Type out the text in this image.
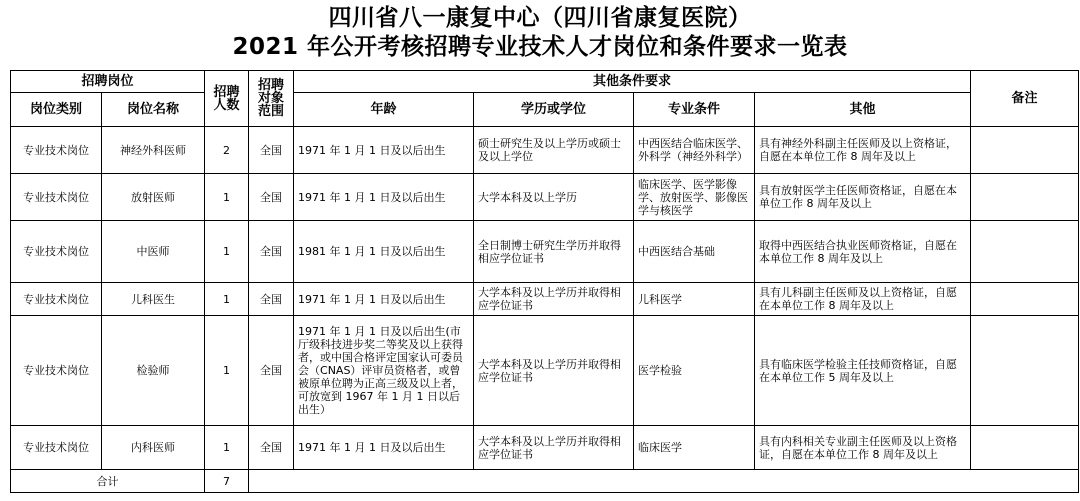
四川省八一康复中心（四川省康复医院）
2021 年公开考核招聘专业技术人才岗位和条件要求一览表
招聘岗位		招聘人数	招聘对象范围	其他条件要求				备注
岗位类别	岗位名称			年龄	学历或学位	专业条件	其他	
专业技术岗位	神经外科医师	2	全国	1971 年 1 月 1 日及以后出生	硕士研究生及以上学历或硕士及以上学位	中西医结合临床医学、外科学（神经外科学）	具有神经外科副主任医师及以上资格证，自愿在本单位工作 8 周年及以上	
专业技术岗位	放射医师	1	全国	1971 年 1 月 1 日及以后出生	大学本科及以上学历	临床医学、医学影像学、放射医学、影像医学与核医学	具有放射医学主任医师资格证，自愿在本单位工作 8 周年及以上	
专业技术岗位	中医师	1	全国	1981 年 1 月 1 日及以后出生	全日制博士研究生学历并取得相应学位证书	中西医结合基础	取得中西医结合执业医师资格证，自愿在本单位工作 8 周年及以上	
专业技术岗位	儿科医生	1	全国	1971 年 1 月 1 日及以后出生	大学本科及以上学历并取得相应学位证书	儿科医学	具有儿科副主任医师及以上资格证，自愿在本单位工作 8 周年及以上	
专业技术岗位	检验师	1	全国	1971 年 1 月 1 日及以后出生(市厅级科技进步奖二等奖及以上获得者，或中国合格评定国家认可委员会（CNAS）评审员资格者，或曾被原单位聘为正高三级及以上者，可放宽到 1967 年 1 月 1 日以后出生）	大学本科及以上学历并取得相应学位证书	医学检验	具有临床医学检验主任技师资格证，自愿在本单位工作 5 周年及以上	
专业技术岗位	内科医师	1	全国	1971 年 1 月 1 日及以后出生	大学本科及以上学历并取得相应学位证书	临床医学	具有内科相关专业副主任医师及以上资格证，自愿在本单位工作 8 周年及以上	
合计		7						
